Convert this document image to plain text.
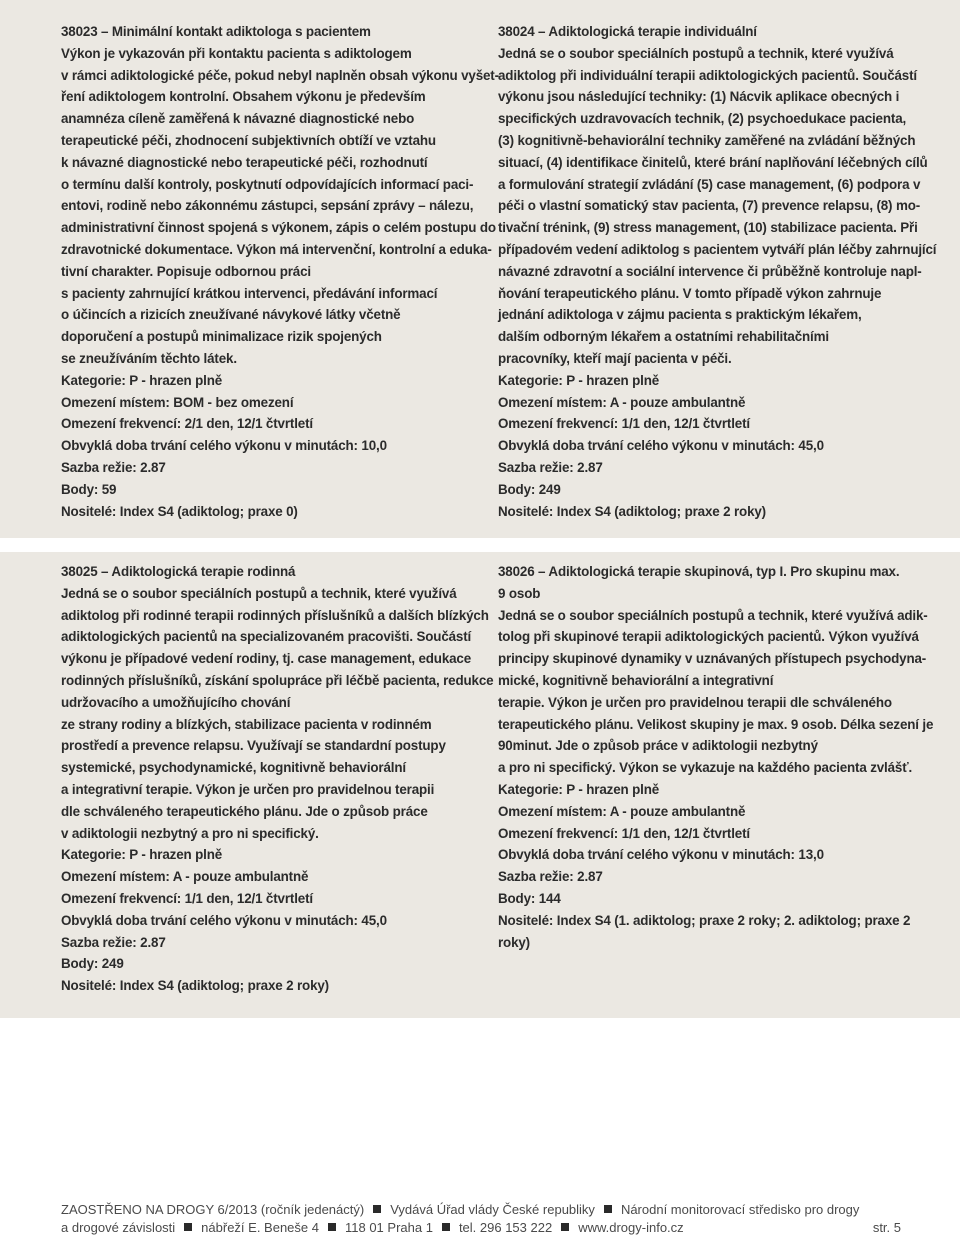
38023 – Minimální kontakt adiktologa s pacientem
Výkon je vykazován při kontaktu pacienta s adiktologem
v rámci adiktologické péče, pokud nebyl naplněn obsah výkonu vyšet-
ření adiktologem kontrolní. Obsahem výkonu je především
anamnéza cíleně zaměřená k návazné diagnostické nebo
terapeutické péči, zhodnocení subjektivních obtíží ve vztahu
k návazné diagnostické nebo terapeutické péči, rozhodnutí
o termínu další kontroly, poskytnutí odpovídajících informací paci-
entovi, rodině nebo zákonnému zástupci, sepsání zprávy – nálezu,
administrativní činnost spojená s výkonem, zápis o celém postupu do
zdravotnické dokumentace. Výkon má intervenční, kontrolní a eduka-
tivní charakter. Popisuje odbornou práci
s pacienty zahrnující krátkou intervenci, předávání informací
o účincích a rizicích zneužívané návykové látky včetně
doporučení a postupů minimalizace rizik spojených
se zneužíváním těchto látek.
Kategorie: P - hrazen plně
Omezení místem: BOM - bez omezení
Omezení frekvencí: 2/1 den, 12/1 čtvrtletí
Obvyklá doba trvání celého výkonu v minutách: 10,0
Sazba režie: 2.87
Body: 59
Nositelé: Index S4 (adiktolog; praxe 0)
38024 – Adiktologická terapie individuální
Jedná se o soubor speciálních postupů a technik, které využívá
adiktolog při individuální terapii adiktologických pacientů. Součástí
výkonu jsou následující techniky: (1) Nácvik aplikace obecných i
specifických uzdravovacích technik, (2) psychoedukace pacienta,
(3) kognitivně-behaviorální techniky zaměřené na zvládání běžných
situací, (4) identifikace činitelů, které brání naplňování léčebných cílů
a formulování strategií zvládání (5) case management, (6) podpora v
péči o vlastní somatický stav pacienta, (7) prevence relapsu, (8) mo-
tivační trénink, (9) stress management, (10) stabilizace pacienta. Při
případovém vedení adiktolog s pacientem vytváří plán léčby zahrnující
návazné zdravotní a sociální intervence či průběžně kontroluje napl-
ňování terapeutického plánu. V tomto případě výkon zahrnuje
jednání adiktologa v zájmu pacienta s praktickým lékařem,
dalším odborným lékařem a ostatními rehabilitačními
pracovníky, kteří mají pacienta v péči.
Kategorie: P - hrazen plně
Omezení místem: A - pouze ambulantně
Omezení frekvencí: 1/1 den, 12/1 čtvrtletí
Obvyklá doba trvání celého výkonu v minutách: 45,0
Sazba režie: 2.87
Body: 249
Nositelé: Index S4 (adiktolog; praxe 2 roky)
38025 – Adiktologická terapie rodinná
Jedná se o soubor speciálních postupů a technik, které využívá
adiktolog při rodinné terapii rodinných příslušníků a dalších blízkých
adiktologických pacientů na specializovaném pracovišti. Součástí
výkonu je případové vedení rodiny, tj. case management, edukace
rodinných příslušníků, získání spolupráce při léčbě pacienta, redukce
udržovacího a umožňujícího chování
ze strany rodiny a blízkých, stabilizace pacienta v rodinném
prostředí a prevence relapsu. Využívají se standardní postupy
systemické, psychodynamické, kognitivně behaviorální
a integrativní terapie. Výkon je určen pro pravidelnou terapii
dle schváleného terapeutického plánu. Jde o způsob práce
v adiktologii nezbytný a pro ni specifický.
Kategorie: P - hrazen plně
Omezení místem: A - pouze ambulantně
Omezení frekvencí: 1/1 den, 12/1 čtvrtletí
Obvyklá doba trvání celého výkonu v minutách: 45,0
Sazba režie: 2.87
Body: 249
Nositelé: Index S4 (adiktolog; praxe 2 roky)
38026 – Adiktologická terapie skupinová, typ I. Pro skupinu max.
9 osob
Jedná se o soubor speciálních postupů a technik, které využívá adik-
tolog při skupinové terapii adiktologických pacientů. Výkon využívá
principy skupinové dynamiky v uznávaných přístupech psychodyna-
mické, kognitivně behaviorální a integrativní
terapie. Výkon je určen pro pravidelnou terapii dle schváleného
terapeutického plánu. Velikost skupiny je max. 9 osob. Délka sezení je
90minut. Jde o způsob práce v adiktologii nezbytný
a pro ni specifický. Výkon se vykazuje na každého pacienta zvlášť.
Kategorie: P - hrazen plně
Omezení místem: A - pouze ambulantně
Omezení frekvencí: 1/1 den, 12/1 čtvrtletí
Obvyklá doba trvání celého výkonu v minutách: 13,0
Sazba režie: 2.87
Body: 144
Nositelé: Index S4 (1. adiktolog; praxe 2 roky; 2. adiktolog; praxe 2
roky)
ZAOSTŘENO NA DROGY 6/2013 (ročník jedenáctý) Vydává Úřad vlády České republiky Národní monitorovací středisko pro drogy
a drogové závislosti nábřeží E. Beneše 4 118 01 Praha 1 tel. 296 153 222 www.drogy-info.cz	str. 5
